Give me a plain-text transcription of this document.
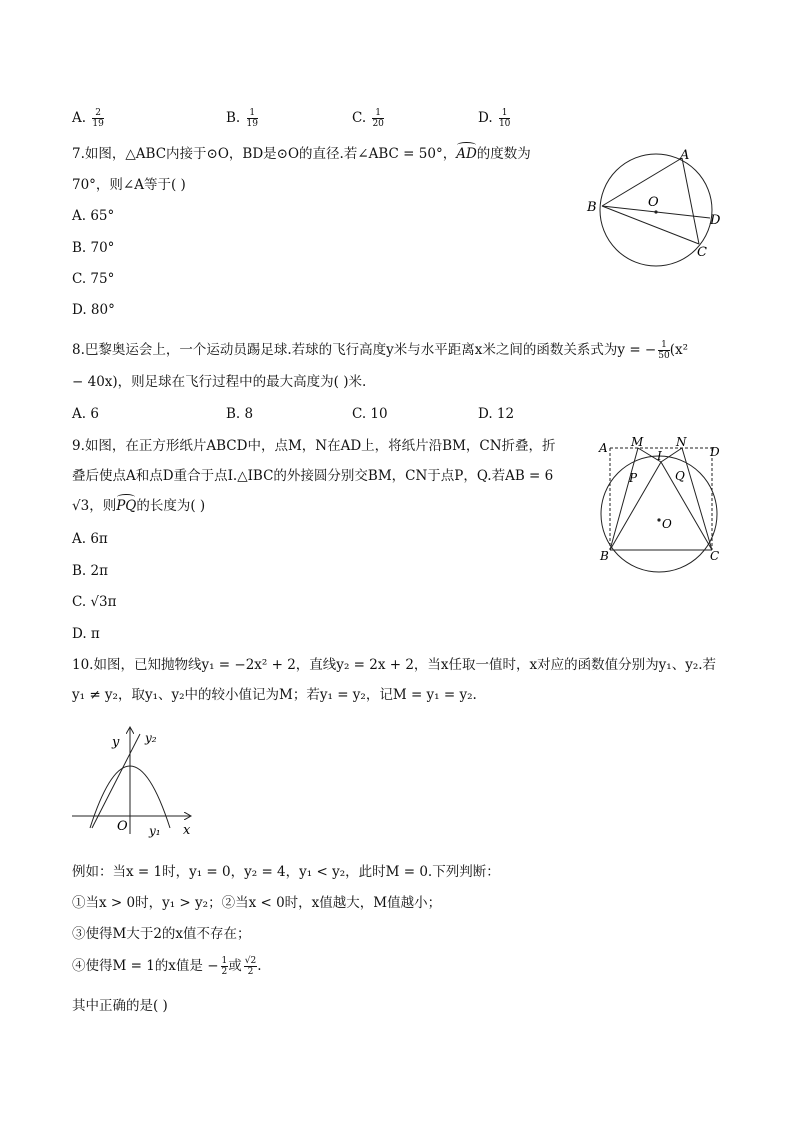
A. $\frac{2}{19}$	B. $\frac{1}{19}$	C. $\frac{1}{20}$	D. $\frac{1}{10}$
7.如图，△ABC内接于⊙O，BD是⊙O的直径.若∠ABC = 50°，AD的度数为
70°，则∠A等于( )
A. 65°
B. 70°
C. 75°
D. 80°
A
B
C
D
O
8.巴黎奥运会上，一个运动员踢足球.若球的飞行高度y米与水平距离x米之间的函数关系式为y = − $\frac{1}{50} (x^2$
− 40x)，则足球在飞行过程中的最大高度为( )米.
A. 6	B. 8	C. 10	D. 12
9.如图，在正方形纸片ABCD中，点M，N在AD上，将纸片沿BM，CN折叠，折
叠后使点A和点D重合于点I.△IBC的外接圆分别交BM，CN于点P，Q.若AB = 6
√3，则PQ的长度为( )
A. 6π
B. 2π
C. √3π
D. π
A M	N
D
I
P	Q
O
B	C
10.如图，已知抛物线y₁ = −2x² + 2，直线y₂ = 2x + 2，当x任取一值时，x对应的函数值分别为y₁、y₂.若
y₁ ≠ y₂，取y₁、y₂中的较小值记为M；若y₁ = y₂，记M = y₁ = y₂.
y y₂
O y₁ x
例如：当x = 1时，y₁ = 0，y₂ = 4，y₁ < y₂，此时M = 0.下列判断：
①当x > 0时，y₁ > y₂；②当x < 0时，x值越大，M值越小；
③使得M大于2的x值不存在；
④使得M = 1的x值是 − $\frac{1}{2}$ 或 $\frac{√2}{2}$ .
其中正确的是( )
